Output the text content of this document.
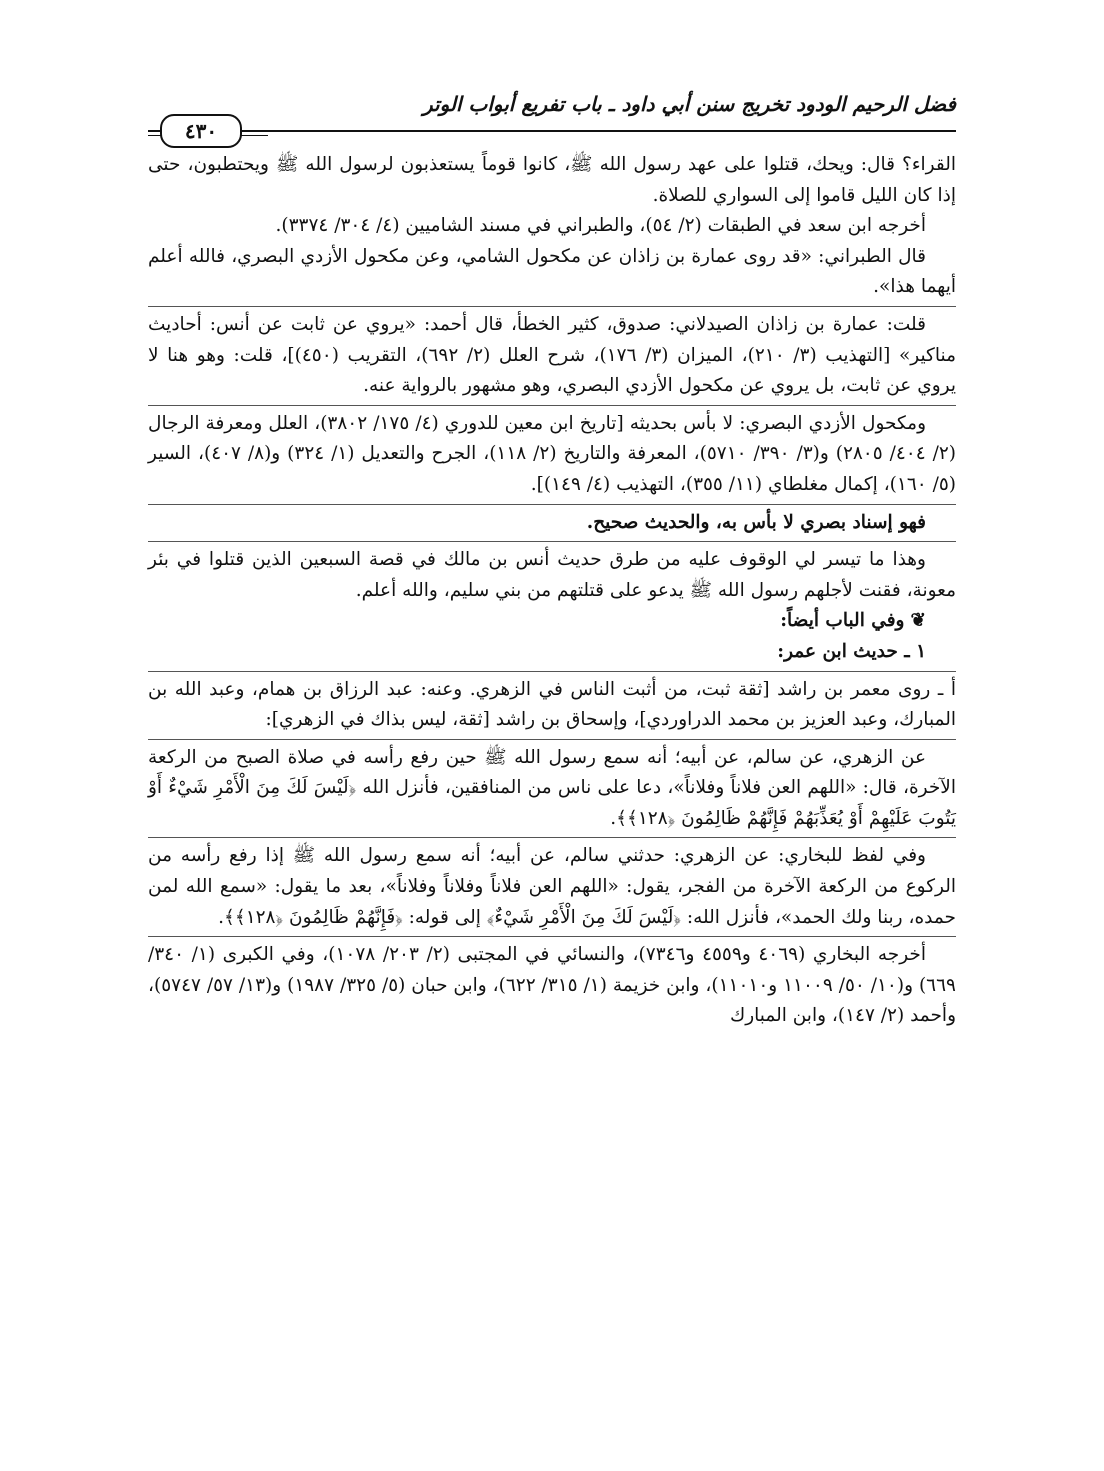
فضل الرحيم الودود تخريج سنن أبي داود ـ باب تفريع أبواب الوتر
٤٣٠

القراء؟ قال: ويحك، قتلوا على عهد رسول الله ﷺ، كانوا قوماً يستعذبون لرسول الله ﷺ ويحتطبون، حتى إذا كان الليل قاموا إلى السواري للصلاة.

أخرجه ابن سعد في الطبقات (٢/ ٥٤)، والطبراني في مسند الشاميين (٤/ ٣٠٤/ ٣٣٧٤).

قال الطبراني: «قد روى عمارة بن زاذان عن مكحول الشامي، وعن مكحول الأزدي البصري، فالله أعلم أيهما هذا».

قلت: عمارة بن زاذان الصيدلاني: صدوق، كثير الخطأ، قال أحمد: «يروي عن ثابت عن أنس: أحاديث مناكير» [التهذيب (٣/ ٢١٠)، الميزان (٣/ ١٧٦)، شرح العلل (٢/ ٦٩٢)، التقريب (٤٥٠)]، قلت: وهو هنا لا يروي عن ثابت، بل يروي عن مكحول الأزدي البصري، وهو مشهور بالرواية عنه.

ومكحول الأزدي البصري: لا بأس بحديثه [تاريخ ابن معين للدوري (٤/ ١٧٥/ ٣٨٠٢)، العلل ومعرفة الرجال (٢/ ٤٠٤/ ٢٨٠٥) و(٣/ ٣٩٠/ ٥٧١٠)، المعرفة والتاريخ (٢/ ١١٨)، الجرح والتعديل (١/ ٣٢٤) و(٨/ ٤٠٧)، السير (٥/ ١٦٠)، إكمال مغلطاي (١١/ ٣٥٥)، التهذيب (٤/ ١٤٩)].

فهو إسناد بصري لا بأس به، والحديث صحيح.

وهذا ما تيسر لي الوقوف عليه من طرق حديث أنس بن مالك في قصة السبعين الذين قتلوا في بئر معونة، فقنت لأجلهم رسول الله ﷺ يدعو على قتلتهم من بني سليم، والله أعلم.

❦وفي الباب أيضاً:

١ ـ حديث ابن عمر:

أ ـ روى معمر بن راشد [ثقة ثبت، من أثبت الناس في الزهري. وعنه: عبد الرزاق بن همام، وعبد الله بن المبارك، وعبد العزيز بن محمد الدراوردي]، وإسحاق بن راشد [ثقة، ليس بذاك في الزهري]:

عن الزهري، عن سالم، عن أبيه؛ أنه سمع رسول الله ﷺ حين رفع رأسه في صلاة الصبح من الركعة الآخرة، قال: «اللهم العن فلاناً وفلاناً»، دعا على ناس من المنافقين، فأنزل الله ﴿لَيْسَ لَكَ مِنَ الْأَمْرِ شَيْءٌ أَوْ يَتُوبَ عَلَيْهِمْ أَوْ يُعَذِّبَهُمْ فَإِنَّهُمْ ظَالِمُونَ ﴿١٢٨﴾﴾.

وفي لفظ للبخاري: عن الزهري: حدثني سالم، عن أبيه؛ أنه سمع رسول الله ﷺ إذا رفع رأسه من الركوع من الركعة الآخرة من الفجر، يقول: «اللهم العن فلاناً وفلاناً وفلاناً»، بعد ما يقول: «سمع الله لمن حمده، ربنا ولك الحمد»، فأنزل الله: ﴿لَيْسَ لَكَ مِنَ الْأَمْرِ شَيْءٌ﴾ إلى قوله: ﴿فَإِنَّهُمْ ظَالِمُونَ ﴿١٢٨﴾﴾.

أخرجه البخاري (٤٠٦٩ و٤٥٥٩ و٧٣٤٦)، والنسائي في المجتبى (٢/ ٢٠٣/ ١٠٧٨)، وفي الكبرى (١/ ٣٤٠/ ٦٦٩) و(١٠/ ٥٠/ ١١٠٠٩ و١١٠١٠)، وابن خزيمة (١/ ٣١٥/ ٦٢٢)، وابن حبان (٥/ ٣٢٥/ ١٩٨٧) و(١٣/ ٥٧/ ٥٧٤٧)، وأحمد (٢/ ١٤٧)، وابن المبارك
